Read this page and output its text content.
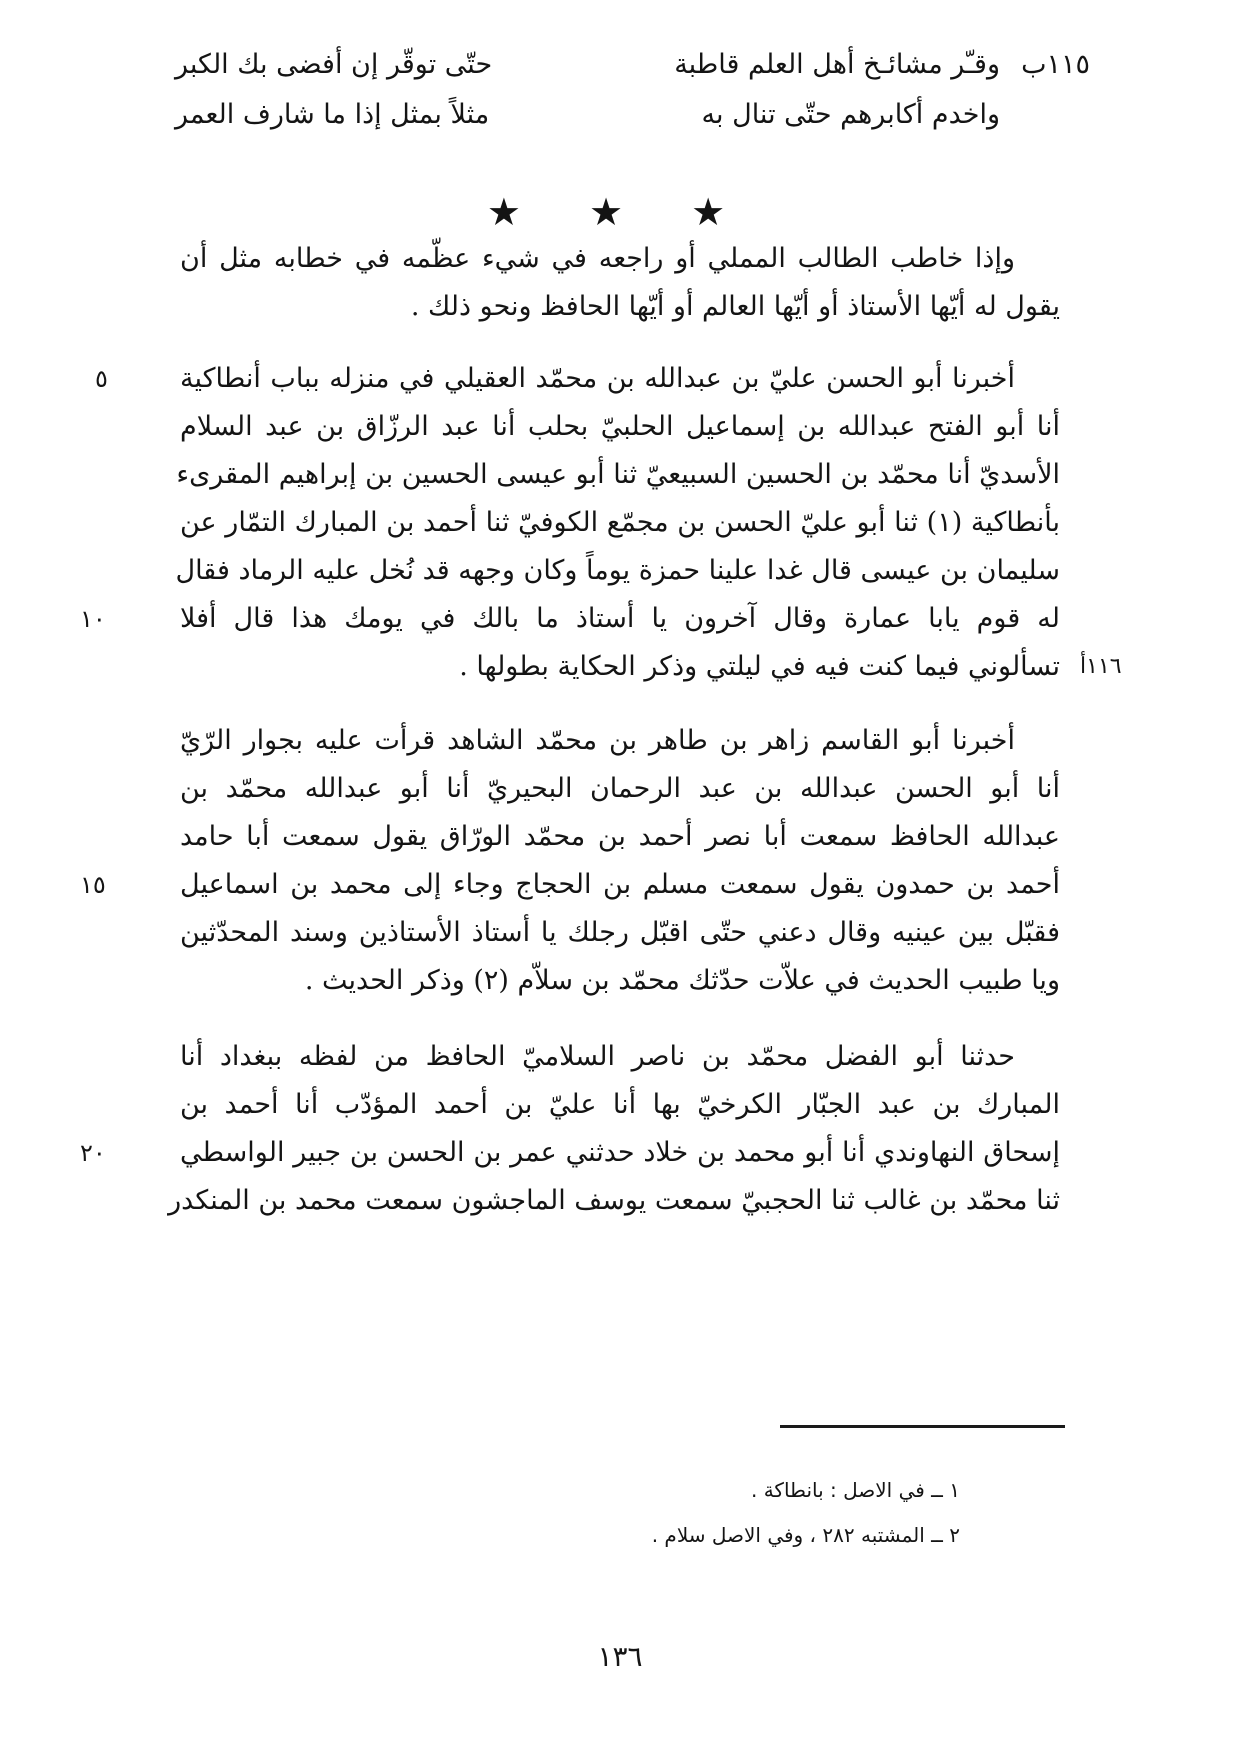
١١٥ب
وقـّر مشائـخ أهل العلم قاطبة
حتّى توقّر إن أفضى بك الكبر
واخدم أكابرهم حتّى تنال به
مثلاً بمثل إذا ما شارف العمر
★ ★ ★
وإذا خاطب الطالب المملي أو راجعه في شيء عظّمه في خطابه مثل أن
يقول له أيّها الأستاذ أو أيّها العالم أو أيّها الحافظ ونحو ذلك .
أخبرنا أبو الحسن عليّ بن عبدالله بن محمّد العقيلي في منزله بباب أنطاكية
أنا أبو الفتح عبدالله بن إسماعيل الحلبيّ بحلب أنا عبد الرزّاق بن عبد السلام
الأسديّ أنا محمّد بن الحسين السبيعيّ ثنا أبو عيسى الحسين بن إبراهيم المقرىء
بأنطاكية (١) ثنا أبو عليّ الحسن بن مجمّع الكوفيّ ثنا أحمد بن المبارك التمّار عن
سليمان بن عيسى قال غدا علينا حمزة يوماً وكان وجهه قد نُخل عليه الرماد فقال
له قوم يابا عمارة وقال آخرون يا أستاذ ما بالك في يومك هذا قال أفلا
تسألوني فيما كنت فيه في ليلتي وذكر الحكاية بطولها .
أخبرنا أبو القاسم زاهر بن طاهر بن محمّد الشاهد قرأت عليه بجوار الرّيّ
أنا أبو الحسن عبدالله بن عبد الرحمان البحيريّ أنا أبو عبدالله محمّد بن
عبدالله الحافظ سمعت أبا نصر أحمد بن محمّد الورّاق يقول سمعت أبا حامد
أحمد بن حمدون يقول سمعت مسلم بن الحجاج وجاء إلى محمد بن اسماعيل
فقبّل بين عينيه وقال دعني حتّى اقبّل رجلك يا أستاذ الأستاذين وسند المحدّثين
ويا طبيب الحديث في علاّت حدّثك محمّد بن سلاّم (٢) وذكر الحديث .
حدثنا أبو الفضل محمّد بن ناصر السلاميّ الحافظ من لفظه ببغداد أنا
المبارك بن عبد الجبّار الكرخيّ بها أنا عليّ بن أحمد المؤدّب أنا أحمد بن
إسحاق النهاوندي أنا أبو محمد بن خلاد حدثني عمر بن الحسن بن جبير الواسطي
ثنا محمّد بن غالب ثنا الحجبيّ سمعت يوسف الماجشون سمعت محمد بن المنكدر
٥
١٠
١٥
٢٠
١١٦أ
١ ــ في الاصل : بانطاكة .
٢ ــ المشتبه ٢٨٢ ، وفي الاصل سلام .
١٣٦
